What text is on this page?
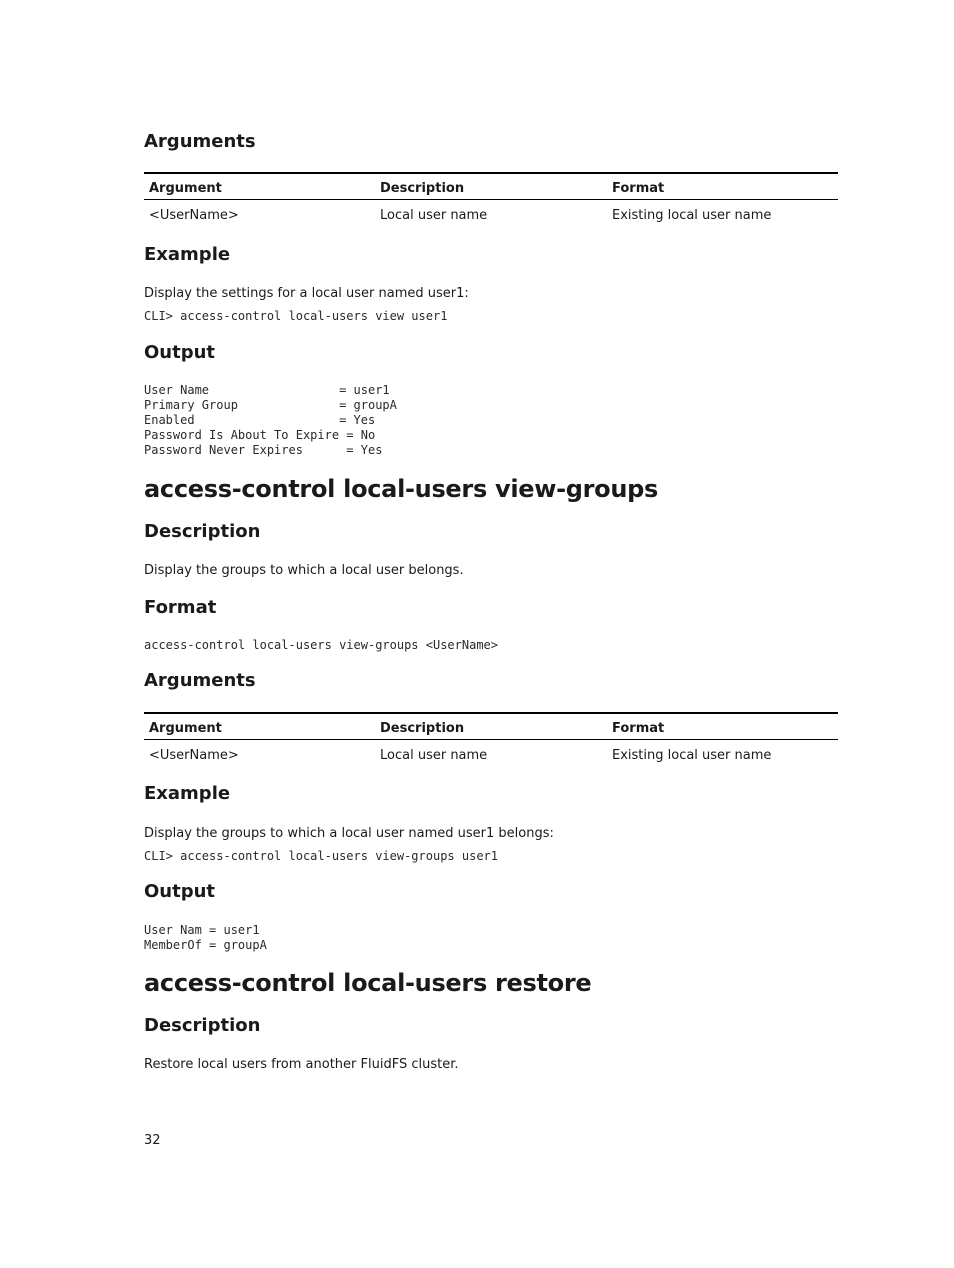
Arguments
Argument	Description	Format
<UserName>	Local user name	Existing local user name
Example

Display the settings for a local user named user1:

CLI> access-control local-users view user1
Output
User Name                  = user1
Primary Group              = groupA
Enabled                    = Yes
Password Is About To Expire = No
Password Never Expires      = Yes
access-control local-users view-groups
Description

Display the groups to which a local user belongs.

Format
access-control local-users view-groups <UserName>
Arguments
Argument	Description	Format
<UserName>	Local user name	Existing local user name
Example

Display the groups to which a local user named user1 belongs:

CLI> access-control local-users view-groups user1
Output
User Nam = user1
MemberOf = groupA
access-control local-users restore
Description

Restore local users from another FluidFS cluster.

32
